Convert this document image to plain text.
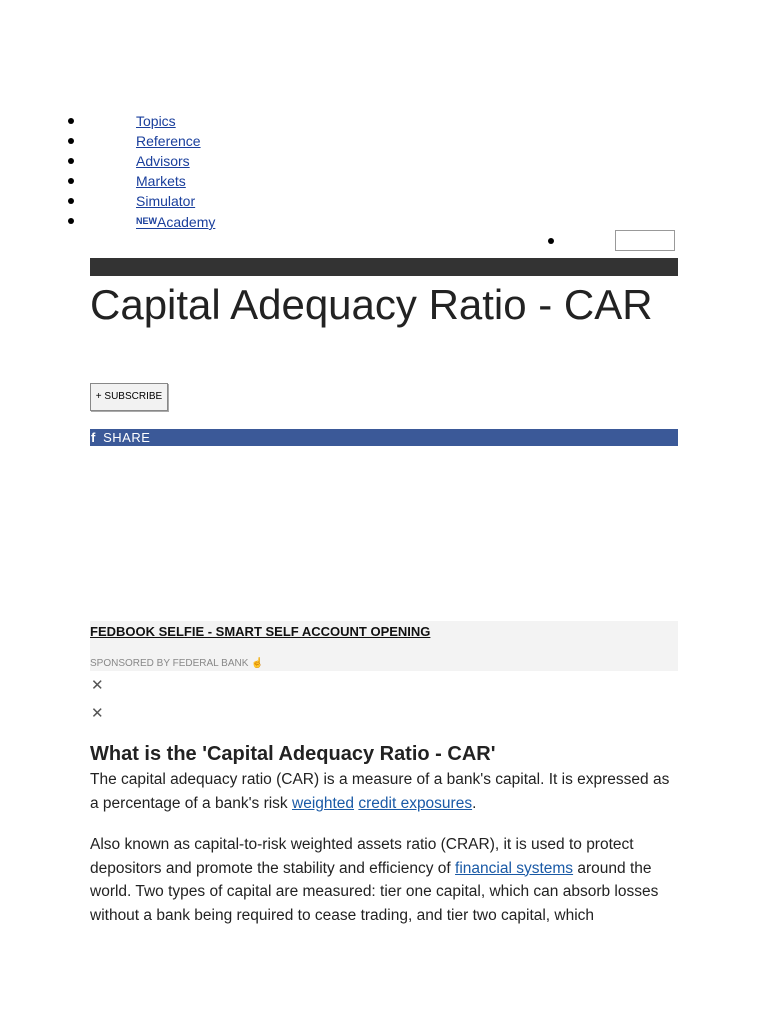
Topics
Reference
Advisors
Markets
Simulator
$^{NEW}$Academy
Capital Adequacy Ratio - CAR
+ SUBSCRIBE
f SHARE
FEDBOOK SELFIE - SMART SELF ACCOUNT OPENING
SPONSORED BY FEDERAL BANK ☝
✕
✕
What is the 'Capital Adequacy Ratio - CAR'

The capital adequacy ratio (CAR) is a measure of a bank's capital. It is expressed as a percentage of a bank's risk weighted credit exposures.

Also known as capital-to-risk weighted assets ratio (CRAR), it is used to protect depositors and promote the stability and efficiency of financial systems around the world. Two types of capital are measured: tier one capital, which can absorb losses without a bank being required to cease trading, and tier two capital, which
